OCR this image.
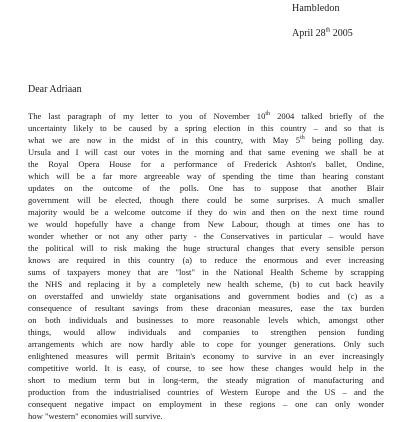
Hambledon
April 28th 2005
Dear Adriaan

The last paragraph of my letter to you of November 10th 2004 talked briefly of the
uncertainty likely to be caused by a spring election in this country – and so that is
what we are now in the midst of in this country, with May 5th being polling day.
Ursula and I will cast our votes in the morning and that same evening we shall be at
the Royal Opera House for a performance of Frederick Ashton's ballet, Ondine,
which will be a far more argreeable way of spending the time than hearing constant
updates on the outcome of the polls. One has to suppose that another Blair
government will be elected, though there could be some surprises. A much smaller
majority would be a welcome outcome if they do win and then on the next time round
we would hopefully have a change from New Labour, though at times one has to
wonder whether or not any other party - the Conservatives in particular – would have
the political will to risk making the huge structural changes that every sensible person
knows are required in this country (a) to reduce the enormous and ever increasing
sums of taxpayers money that are "lost" in the National Health Scheme by scrapping
the NHS and replacing it by a completely new health scheme, (b) to cut back heavily
on overstaffed and unwieldy state organisations and government bodies and (c) as a
consequence of resultant savings from these draconian measures, ease the tax burden
on both individuals and businesses to more reasonable levels which, amongst other
things, would allow individuals and companies to strengthen pension funding
arrangements which are now hardly able to cope for younger generations. Only such
enlightened measures will permit Britain's economy to survive in an ever increasingly
competitive world. It is easy, of course, to see how these changes would help in the
short to medium term but in long-term, the steady migration of manufacturing and
production from the industrialised countries of Western Europe and the US – and the
consequent negative impact on employment in these regions – one can only wonder
how "western" economies will survive.
